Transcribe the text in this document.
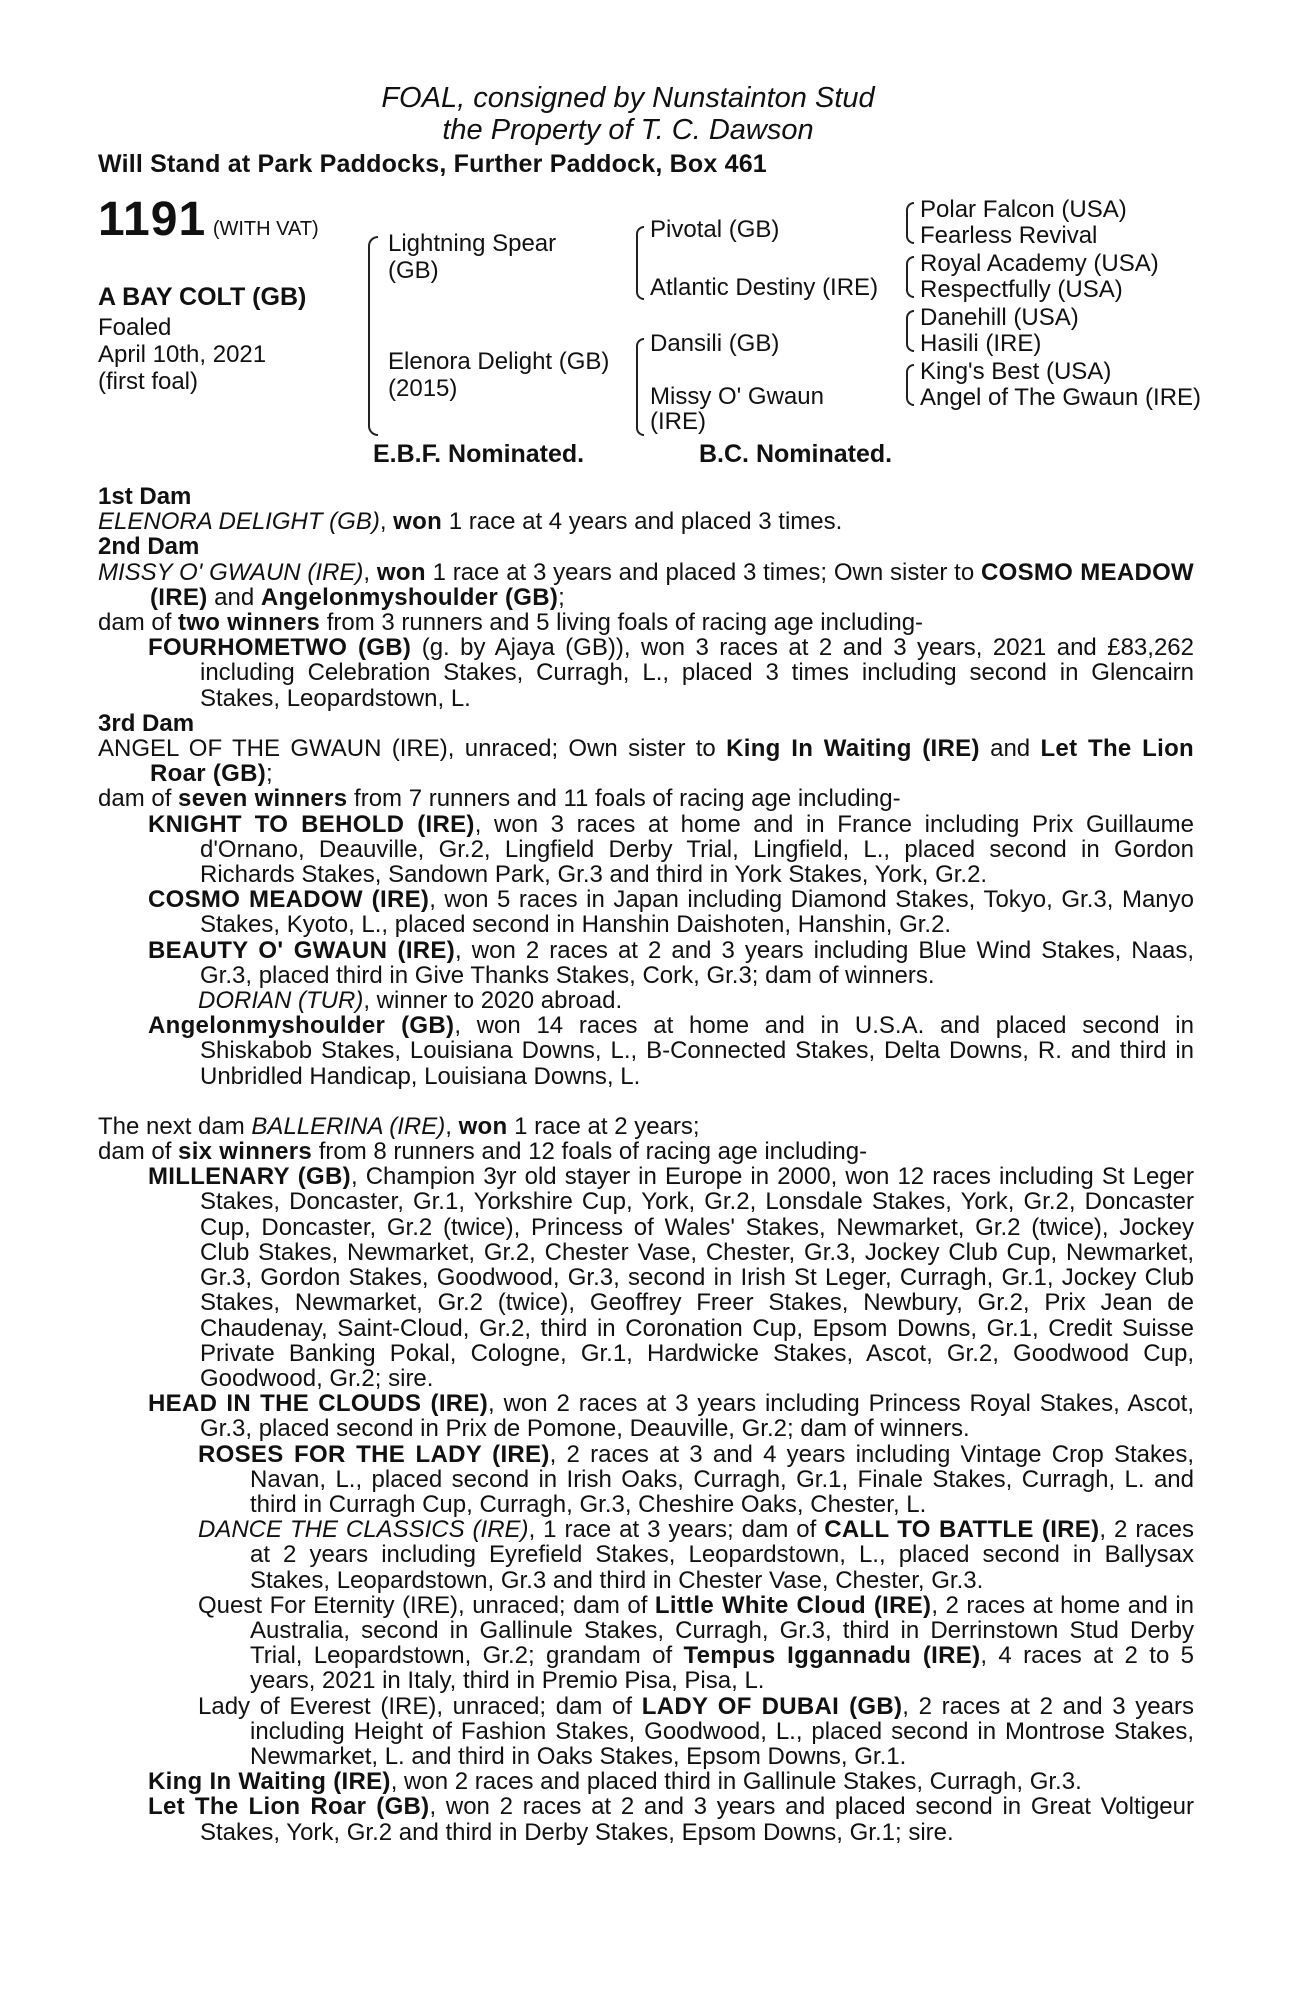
FOAL, consigned by Nunstainton Stud
the Property of T. C. Dawson
Will Stand at Park Paddocks, Further Paddock, Box 461
1191 (WITH VAT)
A BAY COLT (GB)
Foaled
April 10th, 2021
(first foal)
Lightning Spear
(GB)
Elenora Delight (GB)
(2015)
Pivotal (GB)
Atlantic Destiny (IRE)
Dansili (GB)
Missy O' Gwaun
(IRE)
Polar Falcon (USA)
Fearless Revival
Royal Academy (USA)
Respectfully (USA)
Danehill (USA)
Hasili (IRE)
King's Best (USA)
Angel of The Gwaun (IRE)
E.B.F. Nominated.	B.C. Nominated.

1st Dam

ELENORA DELIGHT (GB), won 1 race at 4 years and placed 3 times.

2nd Dam

MISSY O' GWAUN (IRE), won 1 race at 3 years and placed 3 times; Own sister to COSMO MEADOW (IRE) and Angelonmyshoulder (GB);

dam of two winners from 3 runners and 5 living foals of racing age including-

FOURHOMETWO (GB) (g. by Ajaya (GB)), won 3 races at 2 and 3 years, 2021 and £83,262 including Celebration Stakes, Curragh, L., placed 3 times including second in Glencairn Stakes, Leopardstown, L.

3rd Dam

ANGEL OF THE GWAUN (IRE), unraced; Own sister to King In Waiting (IRE) and Let The Lion Roar (GB);

dam of seven winners from 7 runners and 11 foals of racing age including-

KNIGHT TO BEHOLD (IRE), won 3 races at home and in France including Prix Guillaume d'Ornano, Deauville, Gr.2, Lingfield Derby Trial, Lingfield, L., placed second in Gordon Richards Stakes, Sandown Park, Gr.3 and third in York Stakes, York, Gr.2.

COSMO MEADOW (IRE), won 5 races in Japan including Diamond Stakes, Tokyo, Gr.3, Manyo Stakes, Kyoto, L., placed second in Hanshin Daishoten, Hanshin, Gr.2.

BEAUTY O' GWAUN (IRE), won 2 races at 2 and 3 years including Blue Wind Stakes, Naas, Gr.3, placed third in Give Thanks Stakes, Cork, Gr.3; dam of winners.

DORIAN (TUR), winner to 2020 abroad.

Angelonmyshoulder (GB), won 14 races at home and in U.S.A. and placed second in Shiskabob Stakes, Louisiana Downs, L., B-Connected Stakes, Delta Downs, R. and third in Unbridled Handicap, Louisiana Downs, L.

The next dam BALLERINA (IRE), won 1 race at 2 years;

dam of six winners from 8 runners and 12 foals of racing age including-

MILLENARY (GB), Champion 3yr old stayer in Europe in 2000, won 12 races including St Leger Stakes, Doncaster, Gr.1, Yorkshire Cup, York, Gr.2, Lonsdale Stakes, York, Gr.2, Doncaster Cup, Doncaster, Gr.2 (twice), Princess of Wales' Stakes, Newmarket, Gr.2 (twice), Jockey Club Stakes, Newmarket, Gr.2, Chester Vase, Chester, Gr.3, Jockey Club Cup, Newmarket, Gr.3, Gordon Stakes, Goodwood, Gr.3, second in Irish St Leger, Curragh, Gr.1, Jockey Club Stakes, Newmarket, Gr.2 (twice), Geoffrey Freer Stakes, Newbury, Gr.2, Prix Jean de Chaudenay, Saint-Cloud, Gr.2, third in Coronation Cup, Epsom Downs, Gr.1, Credit Suisse Private Banking Pokal, Cologne, Gr.1, Hardwicke Stakes, Ascot, Gr.2, Goodwood Cup, Goodwood, Gr.2; sire.

HEAD IN THE CLOUDS (IRE), won 2 races at 3 years including Princess Royal Stakes, Ascot, Gr.3, placed second in Prix de Pomone, Deauville, Gr.2; dam of winners.

ROSES FOR THE LADY (IRE), 2 races at 3 and 4 years including Vintage Crop Stakes, Navan, L., placed second in Irish Oaks, Curragh, Gr.1, Finale Stakes, Curragh, L. and third in Curragh Cup, Curragh, Gr.3, Cheshire Oaks, Chester, L.

DANCE THE CLASSICS (IRE), 1 race at 3 years; dam of CALL TO BATTLE (IRE), 2 races at 2 years including Eyrefield Stakes, Leopardstown, L., placed second in Ballysax Stakes, Leopardstown, Gr.3 and third in Chester Vase, Chester, Gr.3.

Quest For Eternity (IRE), unraced; dam of Little White Cloud (IRE), 2 races at home and in Australia, second in Gallinule Stakes, Curragh, Gr.3, third in Derrinstown Stud Derby Trial, Leopardstown, Gr.2; grandam of Tempus Iggannadu (IRE), 4 races at 2 to 5 years, 2021 in Italy, third in Premio Pisa, Pisa, L.

Lady of Everest (IRE), unraced; dam of LADY OF DUBAI (GB), 2 races at 2 and 3 years including Height of Fashion Stakes, Goodwood, L., placed second in Montrose Stakes, Newmarket, L. and third in Oaks Stakes, Epsom Downs, Gr.1.

King In Waiting (IRE), won 2 races and placed third in Gallinule Stakes, Curragh, Gr.3.

Let The Lion Roar (GB), won 2 races at 2 and 3 years and placed second in Great Voltigeur Stakes, York, Gr.2 and third in Derby Stakes, Epsom Downs, Gr.1; sire.
